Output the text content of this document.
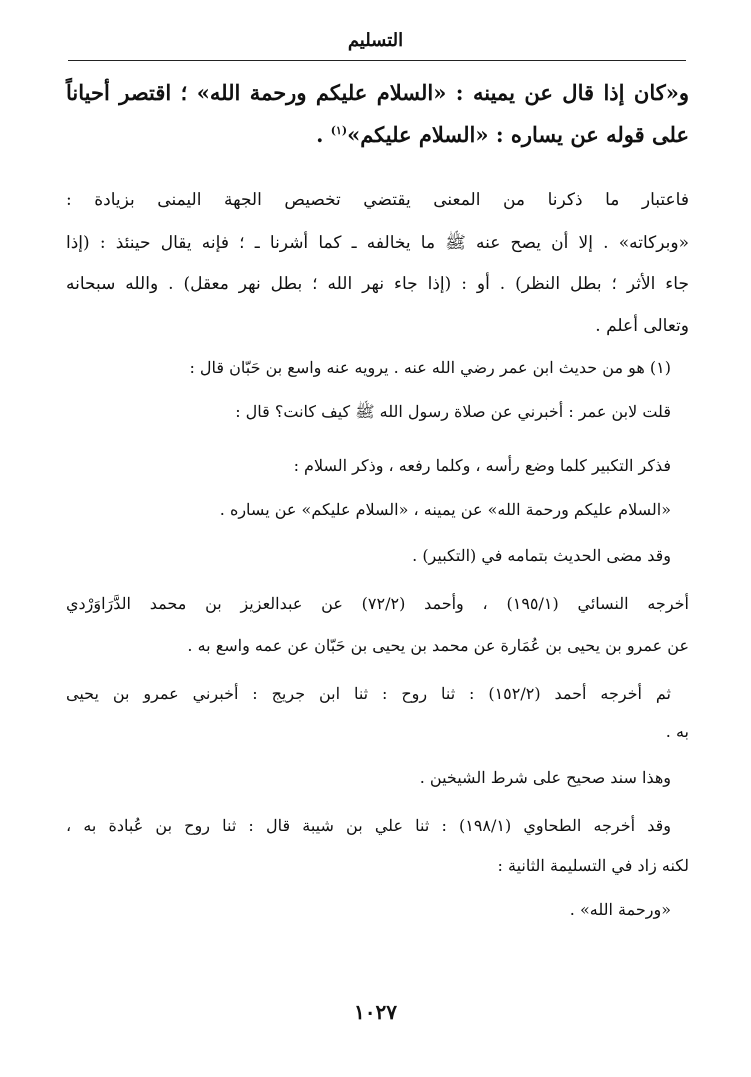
التسليم
و«كان إذا قال عن يمينه : «السلام عليكم ورحمة الله» ؛ اقتصر أحياناً
على قوله عن يساره : «السلام عليكم»$^{(١)}$ .
فاعتبار ما ذكرنا من المعنى يقتضي تخصيص الجهة اليمنى بزيادة :
«وبركاته» . إلا أن يصح عنه ﷺ ما يخالفه ـ كما أشرنا ـ ؛ فإنه يقال حينئذ : (إذا
جاء الأثر ؛ بطل النظر) . أو : (إذا جاء نهر الله ؛ بطل نهر معقل) . والله سبحانه
وتعالى أعلم .
(١) هو من حديث ابن عمر رضي الله عنه . يرويه عنه واسع بن حَبّان قال :
قلت لابن عمر : أخبرني عن صلاة رسول الله ﷺ كيف كانت؟ قال :
فذكر التكبير كلما وضع رأسه ، وكلما رفعه ، وذكر السلام :
«السلام عليكم ورحمة الله» عن يمينه ، «السلام عليكم» عن يساره .
وقد مضى الحديث بتمامه في (التكبير) .
أخرجه النسائي (١٩٥/١) ، وأحمد (٧٢/٢) عن عبدالعزيز بن محمد الدَّرَاوَرْدي
عن عمرو بن يحيى بن عُمَارة عن محمد بن يحيى بن حَبّان عن عمه واسع به .
ثم أخرجه أحمد (١٥٢/٢) : ثنا روح : ثنا ابن جريج : أخبرني عمرو بن يحيى
به .
وهذا سند صحيح على شرط الشيخين .
وقد أخرجه الطحاوي (١٩٨/١) : ثنا علي بن شيبة قال : ثنا روح بن عُبادة به ،
لكنه زاد في التسليمة الثانية :
«ورحمة الله» .
١٠٢٧
